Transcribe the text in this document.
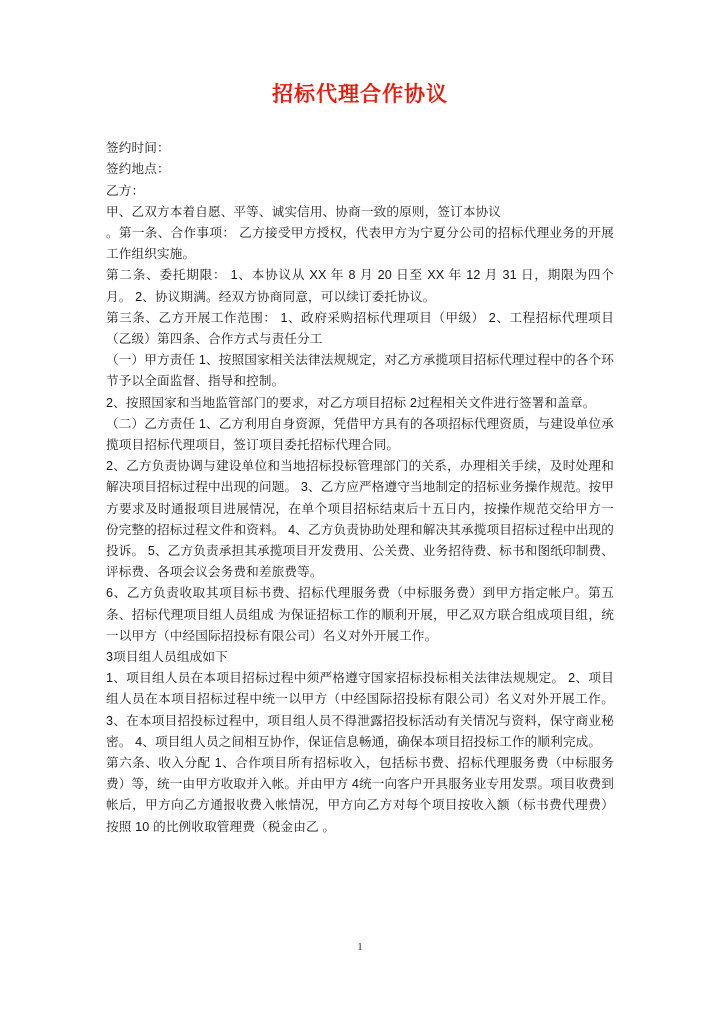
招标代理合作协议

签约时间：

签约地点：

乙方：

甲、乙双方本着自愿、平等、诚实信用、协商一致的原则，签订本协议

。第一条、合作事项： 乙方接受甲方授权，代表甲方为宁夏分公司的招标代理业务的开展工作组织实施。

第二条、委托期限： 1、本协议从 XX 年 8 月 20 日至 XX 年 12 月 31 日，期限为四个月。 2、协议期满。经双方协商同意，可以续订委托协议。

第三条、乙方开展工作范围： 1、政府采购招标代理项目（甲级） 2、工程招标代理项目（乙级）第四条、合作方式与责任分工

（一）甲方责任 1、按照国家相关法律法规规定，对乙方承揽项目招标代理过程中的各个环节予以全面监督、指导和控制。

2、按照国家和当地监管部门的要求，对乙方项目招标 2过程相关文件进行签署和盖章。

（二）乙方责任 1、乙方利用自身资源，凭借甲方具有的各项招标代理资质，与建设单位承揽项目招标代理项目，签订项目委托招标代理合同。

2、乙方负责协调与建设单位和当地招标投标管理部门的关系，办理相关手续，及时处理和解决项目招标过程中出现的问题。 3、乙方应严格遵守当地制定的招标业务操作规范。按甲方要求及时通报项目进展情况，在单个项目招标结束后十五日内，按操作规范交给甲方一份完整的招标过程文件和资料。 4、乙方负责协助处理和解决其承揽项目招标过程中出现的投诉。 5、乙方负责承担其承揽项目开发费用、公关费、业务招待费、标书和图纸印制费、评标费、各项会议会务费和差旅费等。

6、乙方负责收取其项目标书费、招标代理服务费（中标服务费）到甲方指定帐户。第五条、招标代理项目组人员组成 为保证招标工作的顺利开展，甲乙双方联合组成项目组，统一以甲方（中经国际招投标有限公司）名义对外开展工作。

3项目组人员组成如下

1、项目组人员在本项目招标过程中须严格遵守国家招标投标相关法律法规规定。 2、项目组人员在本项目招标过程中统一以甲方（中经国际招投标有限公司）名义对外开展工作。 3、在本项目招投标过程中，项目组人员不得泄露招投标活动有关情况与资料，保守商业秘密。 4、项目组人员之间相互协作，保证信息畅通，确保本项目招投标工作的顺利完成。

第六条、收入分配 1、合作项目所有招标收入，包括标书费、招标代理服务费（中标服务费）等，统一由甲方收取并入帐。并由甲方 4统一向客户开具服务业专用发票。项目收费到帐后，甲方向乙方通报收费入帐情况，甲方向乙方对每个项目按收入额（标书费代理费）按照 10 的比例收取管理费（税金由乙 。

1
